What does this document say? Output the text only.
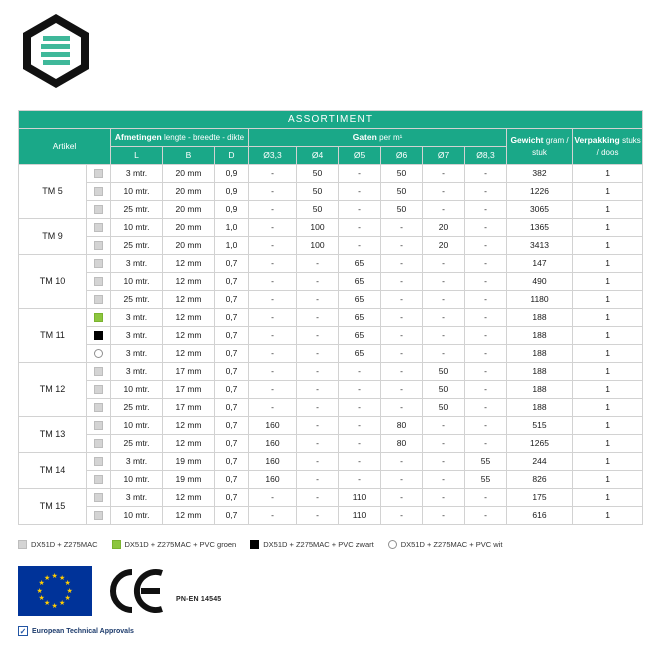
ASSORTIMENT												
Artikel		Afmetingen lengte - breedte - dikte			Gaten per m¹						Gewicht gram / stuk	Verpakking stuks / doos

		L	B	D	Ø3,3	Ø4	Ø5	Ø6	Ø7	Ø8,3		
TM 5		3 mtr.	20 mm	0,9	-	50	-	50	-	-	382	1
		10 mtr.	20 mm	0,9	-	50	-	50	-	-	1226	1
		25 mtr.	20 mm	0,9	-	50	-	50	-	-	3065	1
TM 9		10 mtr.	20 mm	1,0	-	100	-	-	20	-	1365	1
		25 mtr.	20 mm	1,0	-	100	-	-	20	-	3413	1
TM 10		3 mtr.	12 mm	0,7	-	-	65	-	-	-	147	1
		10 mtr.	12 mm	0,7	-	-	65	-	-	-	490	1
		25 mtr.	12 mm	0,7	-	-	65	-	-	-	1180	1
TM 11		3 mtr.	12 mm	0,7	-	-	65	-	-	-	188	1
		3 mtr.	12 mm	0,7	-	-	65	-	-	-	188	1
		3 mtr.	12 mm	0,7	-	-	65	-	-	-	188	1
TM 12		3 mtr.	17 mm	0,7	-	-	-	-	50	-	188	1
		10 mtr.	17 mm	0,7	-	-	-	-	50	-	188	1
		25 mtr.	17 mm	0,7	-	-	-	-	50	-	188	1
TM 13		10 mtr.	12 mm	0,7	160	-	-	80	-	-	515	1
		25 mtr.	12 mm	0,7	160	-	-	80	-	-	1265	1
TM 14		3 mtr.	19 mm	0,7	160	-	-	-	-	55	244	1
		10 mtr.	19 mm	0,7	160	-	-	-	-	55	826	1
TM 15		3 mtr.	12 mm	0,7	-	-	110	-	-	-	175	1
		10 mtr.	12 mm	0,7	-	-	110	-	-	-	616	1
DX51D + Z275MAC	DX51D + Z275MAC + PVC groen	DX51D + Z275MAC + PVC zwart	DX51D + Z275MAC + PVC wit
★ ★
★
★
★
★
★
★
★
★
★
★
PN-EN 14545
✓ European Technical Approvals
